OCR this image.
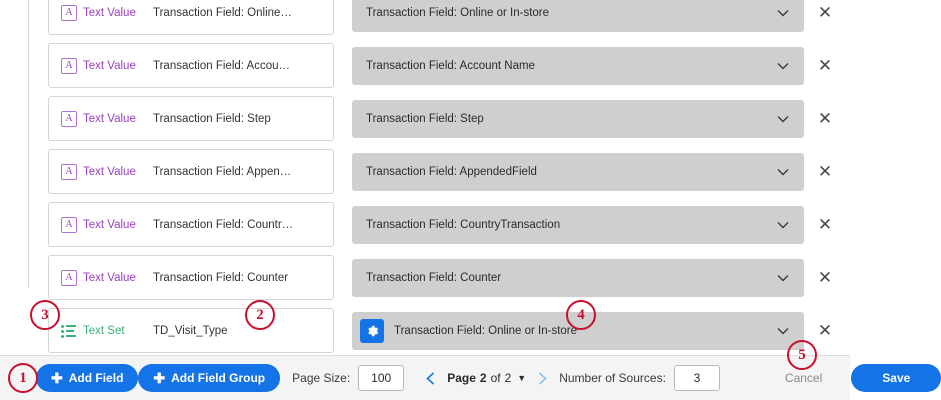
A Text Value Transaction Field: Online…	Transaction Field: Online or In-store	✕
A Text Value Transaction Field: Accou…	Transaction Field: Account Name	✕
A Text Value Transaction Field: Step	Transaction Field: Step	✕
A Text Value Transaction Field: Appen…	Transaction Field: AppendedField	✕
A Text Value Transaction Field: Countr…	Transaction Field: CountryTransaction	✕
A Text Value Transaction Field: Counter	Transaction Field: Counter	✕
Text Set TD_Visit_Type	Transaction Field: Online or In-store	✕
✚ Add Field ✚ Add Field Group Page Size:
100	Page 2 of 2 ▼	Number of Sources:
3	Cancel	Save
1
2
3	4
5
